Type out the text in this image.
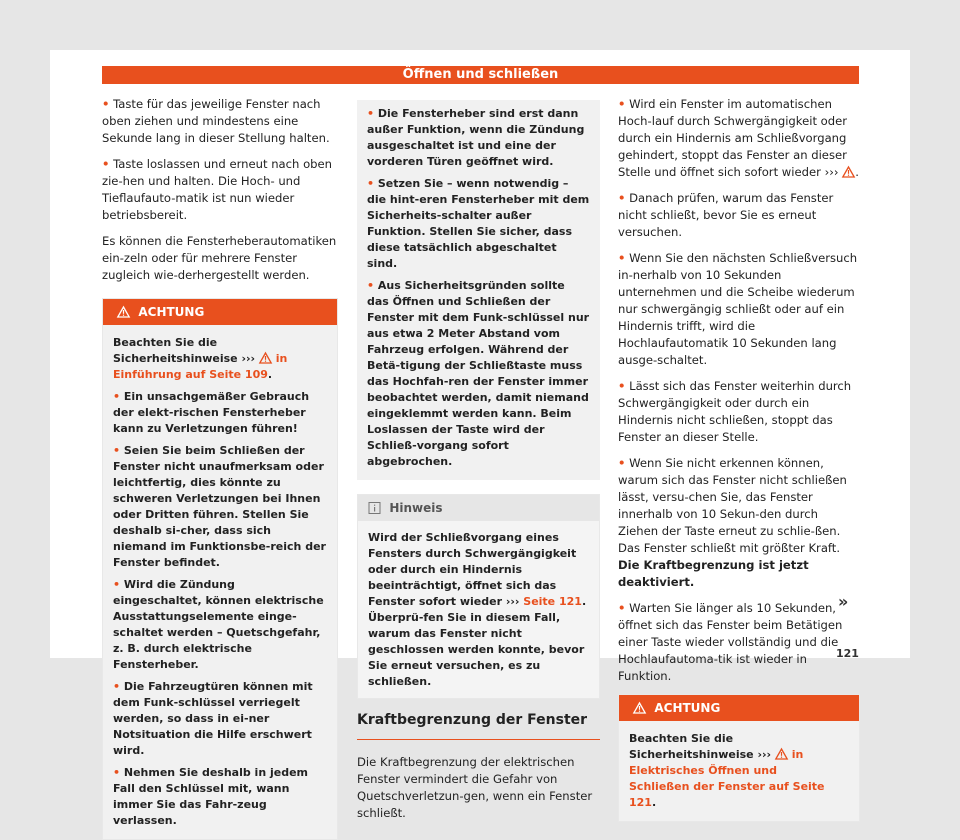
Öffnen und schließen

• Taste für das jeweilige Fenster nach oben ziehen und mindestens eine Sekunde lang in dieser Stellung halten.

• Taste loslassen und erneut nach oben zie-hen und halten. Die Hoch- und Tieflaufauto-matik ist nun wieder betriebsbereit.

Es können die Fensterheberautomatiken ein-zeln oder für mehrere Fenster zugleich wie-derhergestellt werden.

ACHTUNG

Beachten Sie die Sicherheitshinweise ››› in Einführung auf Seite 109.

• Ein unsachgemäßer Gebrauch der elekt-rischen Fensterheber kann zu Verletzungen führen!

• Seien Sie beim Schließen der Fenster nicht unaufmerksam oder leichtfertig, dies könnte zu schweren Verletzungen bei Ihnen oder Dritten führen. Stellen Sie deshalb si-cher, dass sich niemand im Funktionsbe-reich der Fenster befindet.

• Wird die Zündung eingeschaltet, können elektrische Ausstattungselemente einge-schaltet werden – Quetschgefahr, z. B. durch elektrische Fensterheber.

• Die Fahrzeugtüren können mit dem Funk-schlüssel verriegelt werden, so dass in ei-ner Notsituation die Hilfe erschwert wird.

• Nehmen Sie deshalb in jedem Fall den Schlüssel mit, wann immer Sie das Fahr-zeug verlassen.

• Die Fensterheber sind erst dann außer Funktion, wenn die Zündung ausgeschaltet ist und eine der vorderen Türen geöffnet wird.

• Setzen Sie – wenn notwendig – die hint-eren Fensterheber mit dem Sicherheits-schalter außer Funktion. Stellen Sie sicher, dass diese tatsächlich abgeschaltet sind.

• Aus Sicherheitsgründen sollte das Öffnen und Schließen der Fenster mit dem Funk-schlüssel nur aus etwa 2 Meter Abstand vom Fahrzeug erfolgen. Während der Betä-tigung der Schließtaste muss das Hochfah-ren der Fenster immer beobachtet werden, damit niemand eingeklemmt werden kann. Beim Loslassen der Taste wird der Schließ-vorgang sofort abgebrochen.

Hinweis
Wird der Schließvorgang eines Fensters durch Schwergängigkeit oder durch ein Hindernis beeinträchtigt, öffnet sich das Fenster sofort wieder ››› Seite 121. Überprü-fen Sie in diesem Fall, warum das Fenster nicht geschlossen werden konnte, bevor Sie erneut versuchen, es zu schließen.
Kraftbegrenzung der Fenster

Die Kraftbegrenzung der elektrischen Fenster vermindert die Gefahr von Quetschverletzun-gen, wenn ein Fenster schließt.

• Wird ein Fenster im automatischen Hoch-lauf durch Schwergängigkeit oder durch ein Hindernis am Schließvorgang gehindert, stoppt das Fenster an dieser Stelle und öffnet sich sofort wieder ››› .

• Danach prüfen, warum das Fenster nicht schließt, bevor Sie es erneut versuchen.

• Wenn Sie den nächsten Schließversuch in-nerhalb von 10 Sekunden unternehmen und die Scheibe wiederum nur schwergängig schließt oder auf ein Hindernis trifft, wird die Hochlaufautomatik 10 Sekunden lang ausge-schaltet.

• Lässt sich das Fenster weiterhin durch Schwergängigkeit oder durch ein Hindernis nicht schließen, stoppt das Fenster an dieser Stelle.

• Wenn Sie nicht erkennen können, warum sich das Fenster nicht schließen lässt, versu-chen Sie, das Fenster innerhalb von 10 Sekun-den durch Ziehen der Taste erneut zu schlie-ßen. Das Fenster schließt mit größter Kraft. Die Kraftbegrenzung ist jetzt deaktiviert.

• Warten Sie länger als 10 Sekunden, öffnet sich das Fenster beim Betätigen einer Taste wieder vollständig und die Hochlaufautoma-tik ist wieder in Funktion.

ACHTUNG

Beachten Sie die Sicherheitshinweise ››› in Elektrisches Öffnen und Schließen der Fenster auf Seite 121.

»
121
